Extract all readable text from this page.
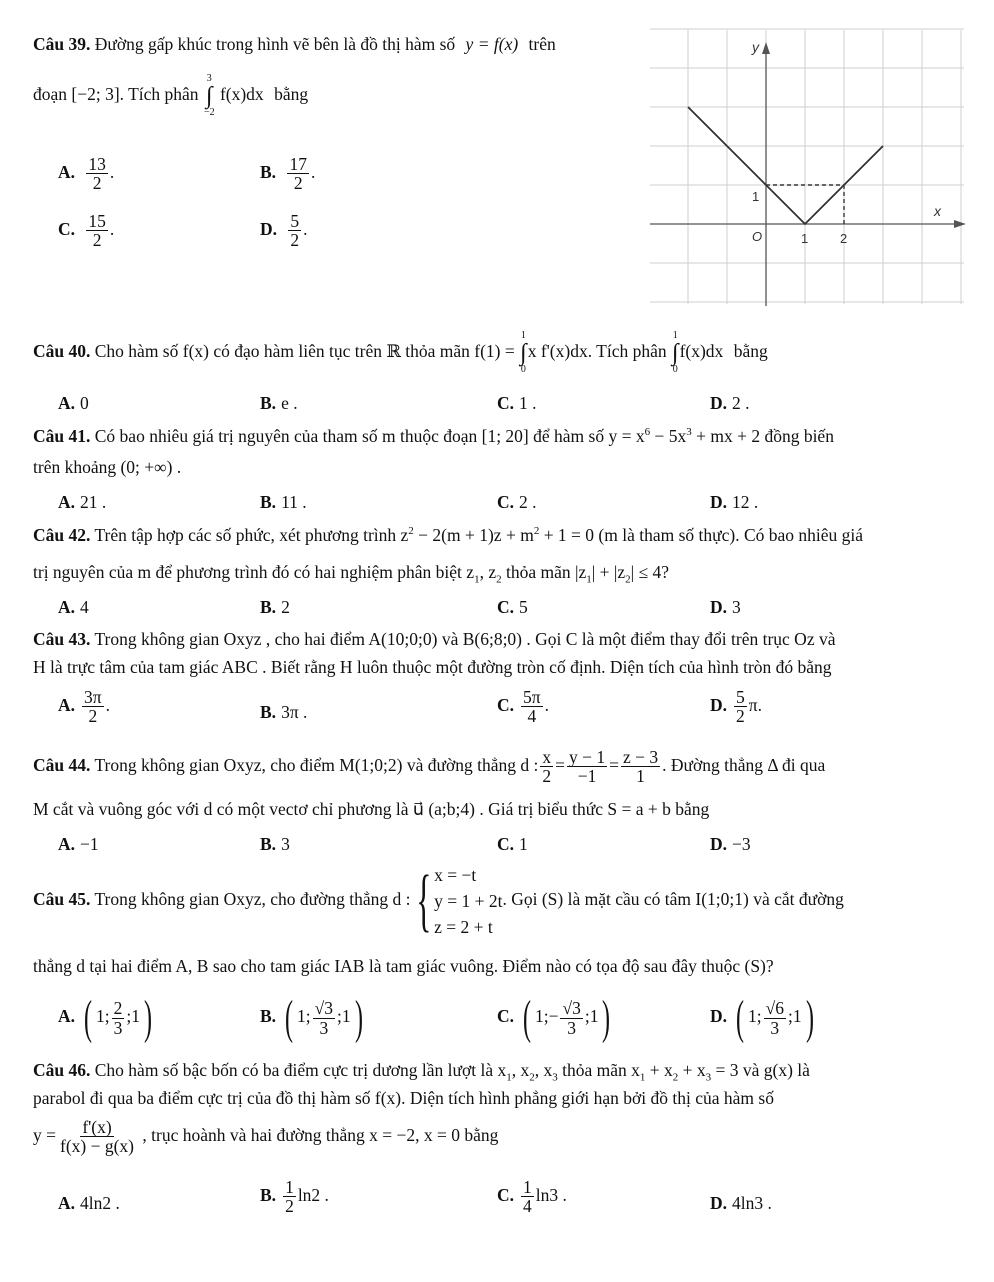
Câu 39. Đường gấp khúc trong hình vẽ bên là đồ thị hàm số y = f(x) trên
đoạn [−2; 3]. Tích phân
3
∫
−2
f(x)dx bằng
A. $\frac{13}{2}$ .	B. $\frac{17}{2}$ .
C. $\frac{15}{2}$ .	D. $\frac{5}{2}$ .
y
x
O	1 2
1
Câu 40. Cho hàm số f(x) có đạo hàm liên tục trên ℝ thỏa mãn f(1) =
1
∫
0
x f'(x)dx. Tích phân
1
∫
0
f(x)dx bằng
A. 0	B. e .	C. 1 .	D. 2 .
Câu 41. Có bao nhiêu giá trị nguyên của tham số m thuộc đoạn [1; 20] để hàm số $y = x^6 - 5x^3$ + mx + 2 đồng biến
trên khoảng (0; +∞) .
A. 21 .	B. 11 .	C. 2 .	D. 12 .
Câu 42. Trên tập hợp các số phức, xét phương trình $z^2 - 2(m + 1)z + m^2 + 1 = 0$ (m là tham số thực). Có bao nhiêu giá
trị nguyên của m để phương trình đó có hai nghiệm phân biệt $z_1$, $z_2$ thỏa mãn $|z_1| + |z_2| \le 4$?
A. 4	B. 2	C. 5	D. 3
Câu 43. Trong không gian Oxyz , cho hai điểm A(10;0;0) và B(6;8;0) . Gọi C là một điểm thay đổi trên trục Oz và
H là trực tâm của tam giác ABC . Biết rằng H luôn thuộc một đường tròn cố định. Diện tích của hình tròn đó bằng
A. $\frac{3\pi}{2}$ .	B. 3π .	C. $\frac{5\pi}{4}$ .	D. $\frac{5}{2} \pi$.
Câu 44. Trong không gian Oxyz, cho điểm M(1;0;2) và đường thẳng d : $\frac{x}{2} = \frac{y - 1}{-1} = \frac{z - 3}{1}$ . Đường thẳng Δ đi qua
M cắt và vuông góc với d có một vectơ chỉ phương là u⃗ (a;b;4) . Giá trị biểu thức S = a + b bằng
A. −1	B. 3	C. 1	D. −3
Câu 45. Trong không gian Oxyz, cho đường thẳng d : { x = −t
y = 1 + 2t
z = 2 + t
. Gọi (S) là mặt cầu có tâm I(1;0;1) và cắt đường
thẳng d tại hai điểm A, B sao cho tam giác IAB là tam giác vuông. Điểm nào có tọa độ sau đây thuộc (S)?
A. ( 1; $\frac{2}{3}$ ;1)	B. ( 1; $\frac{√3}{3}$ ;1)	C. ( 1;− $\frac{√3}{3}$ ;1)	D. ( 1; $\frac{√6}{3}$ ;1)
Câu 46. Cho hàm số bậc bốn có ba điểm cực trị dương lần lượt là $x_1$, $x_2$, $x_3$ thỏa mãn $x_1 + x_2 + x_3 = 3$ và g(x) là
parabol đi qua ba điểm cực trị của đồ thị hàm số f(x). Diện tích hình phẳng giới hạn bởi đồ thị của hàm số
$y = \frac{f'(x)}{f(x) - g(x)}$ , trục hoành và hai đường thẳng x = −2, x = 0 bằng
A. 4ln2 .	B. $\frac{1}{2} \ln 2$ .	C. $\frac{1}{4} \ln 3$ .	D. 4ln3 .
